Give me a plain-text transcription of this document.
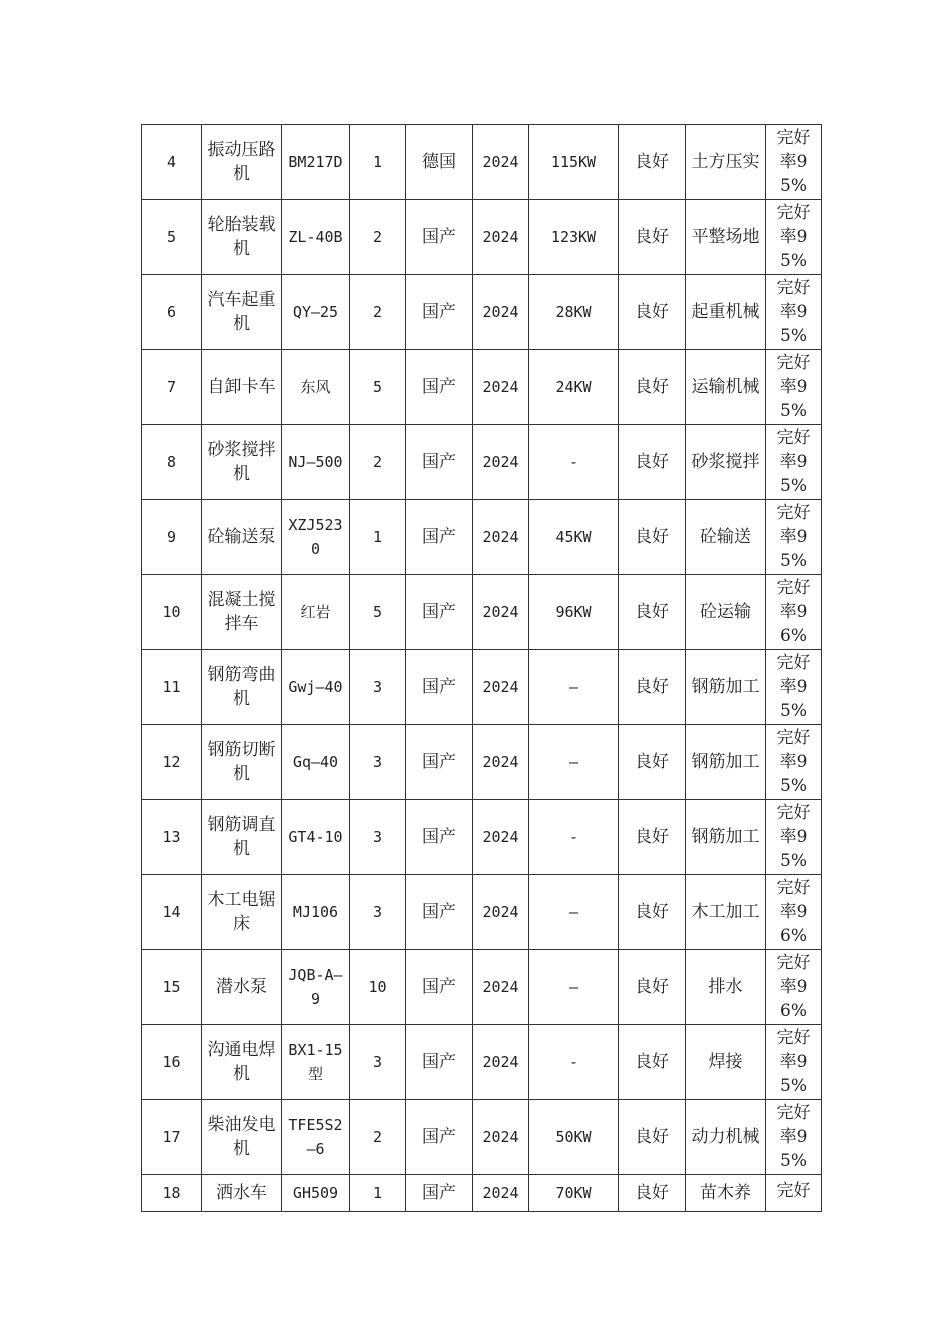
4	振动压路机	BM217D	1	德国	2024	115KW	良好	土方压实	完好率95%
5	轮胎装载机	ZL-40B	2	国产	2024	123KW	良好	平整场地	完好率95%
6	汽车起重机	QY—25	2	国产	2024	28KW	良好	起重机械	完好率95%
7	自卸卡车	东风	5	国产	2024	24KW	良好	运输机械	完好率95%
8	砂浆搅拌机	NJ—500	2	国产	2024	-	良好	砂浆搅拌	完好率95%
9	砼输送泵	XZJ5230	1	国产	2024	45KW	良好	砼输送	完好率95%
10	混凝土搅拌车	红岩	5	国产	2024	96KW	良好	砼运输	完好率96%
11	钢筋弯曲机	Gwj—40	3	国产	2024	—	良好	钢筋加工	完好率95%
12	钢筋切断机	Gq—40	3	国产	2024	—	良好	钢筋加工	完好率95%
13	钢筋调直机	GT4-10	3	国产	2024	-	良好	钢筋加工	完好率95%
14	木工电锯床	MJ106	3	国产	2024	—	良好	木工加工	完好率96%
15	潜水泵	JQB-A—9	10	国产	2024	—	良好	排水	完好率96%
16	沟通电焊机	BX1-15型	3	国产	2024	-	良好	焊接	完好率95%
17	柴油发电机	TFE5S2—6	2	国产	2024	50KW	良好	动力机械	完好率95%
18	洒水车	GH509	1	国产	2024	70KW	良好	苗木养	完好
